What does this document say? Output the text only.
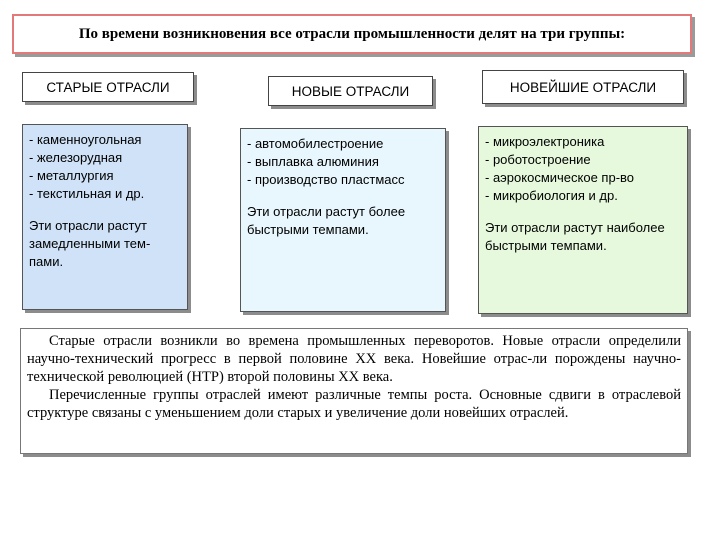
По времени возникновения все отрасли промышленности делят на три группы:
СТАРЫЕ ОТРАСЛИ	НОВЫЕ ОТРАСЛИ	НОВЕЙШИЕ ОТРАСЛИ
- каменноугольная
- железорудная
- металлургия
- текстильная и др.
Эти отрасли растут замедленными тем-пами.
- автомобилестроение
- выплавка алюминия
- производство пластмасс
Эти отрасли растут более быстрыми темпами.
- микроэлектроника
- роботостроение
- аэрокосмическое пр-во
- микробиология и др.
Эти отрасли растут наиболее быстрыми темпами.

Старые отрасли возникли во времена промышленных переворотов. Новые отрасли определили научно-технический прогресс в первой половине ХХ века. Новейшие отрас-ли порождены научно-технической революцией (НТР) второй половины ХХ века.

Перечисленные группы отраслей имеют различные темпы роста. Основные сдвиги в отраслевой структуре связаны с уменьшением доли старых и увеличение доли новейших отраслей.
